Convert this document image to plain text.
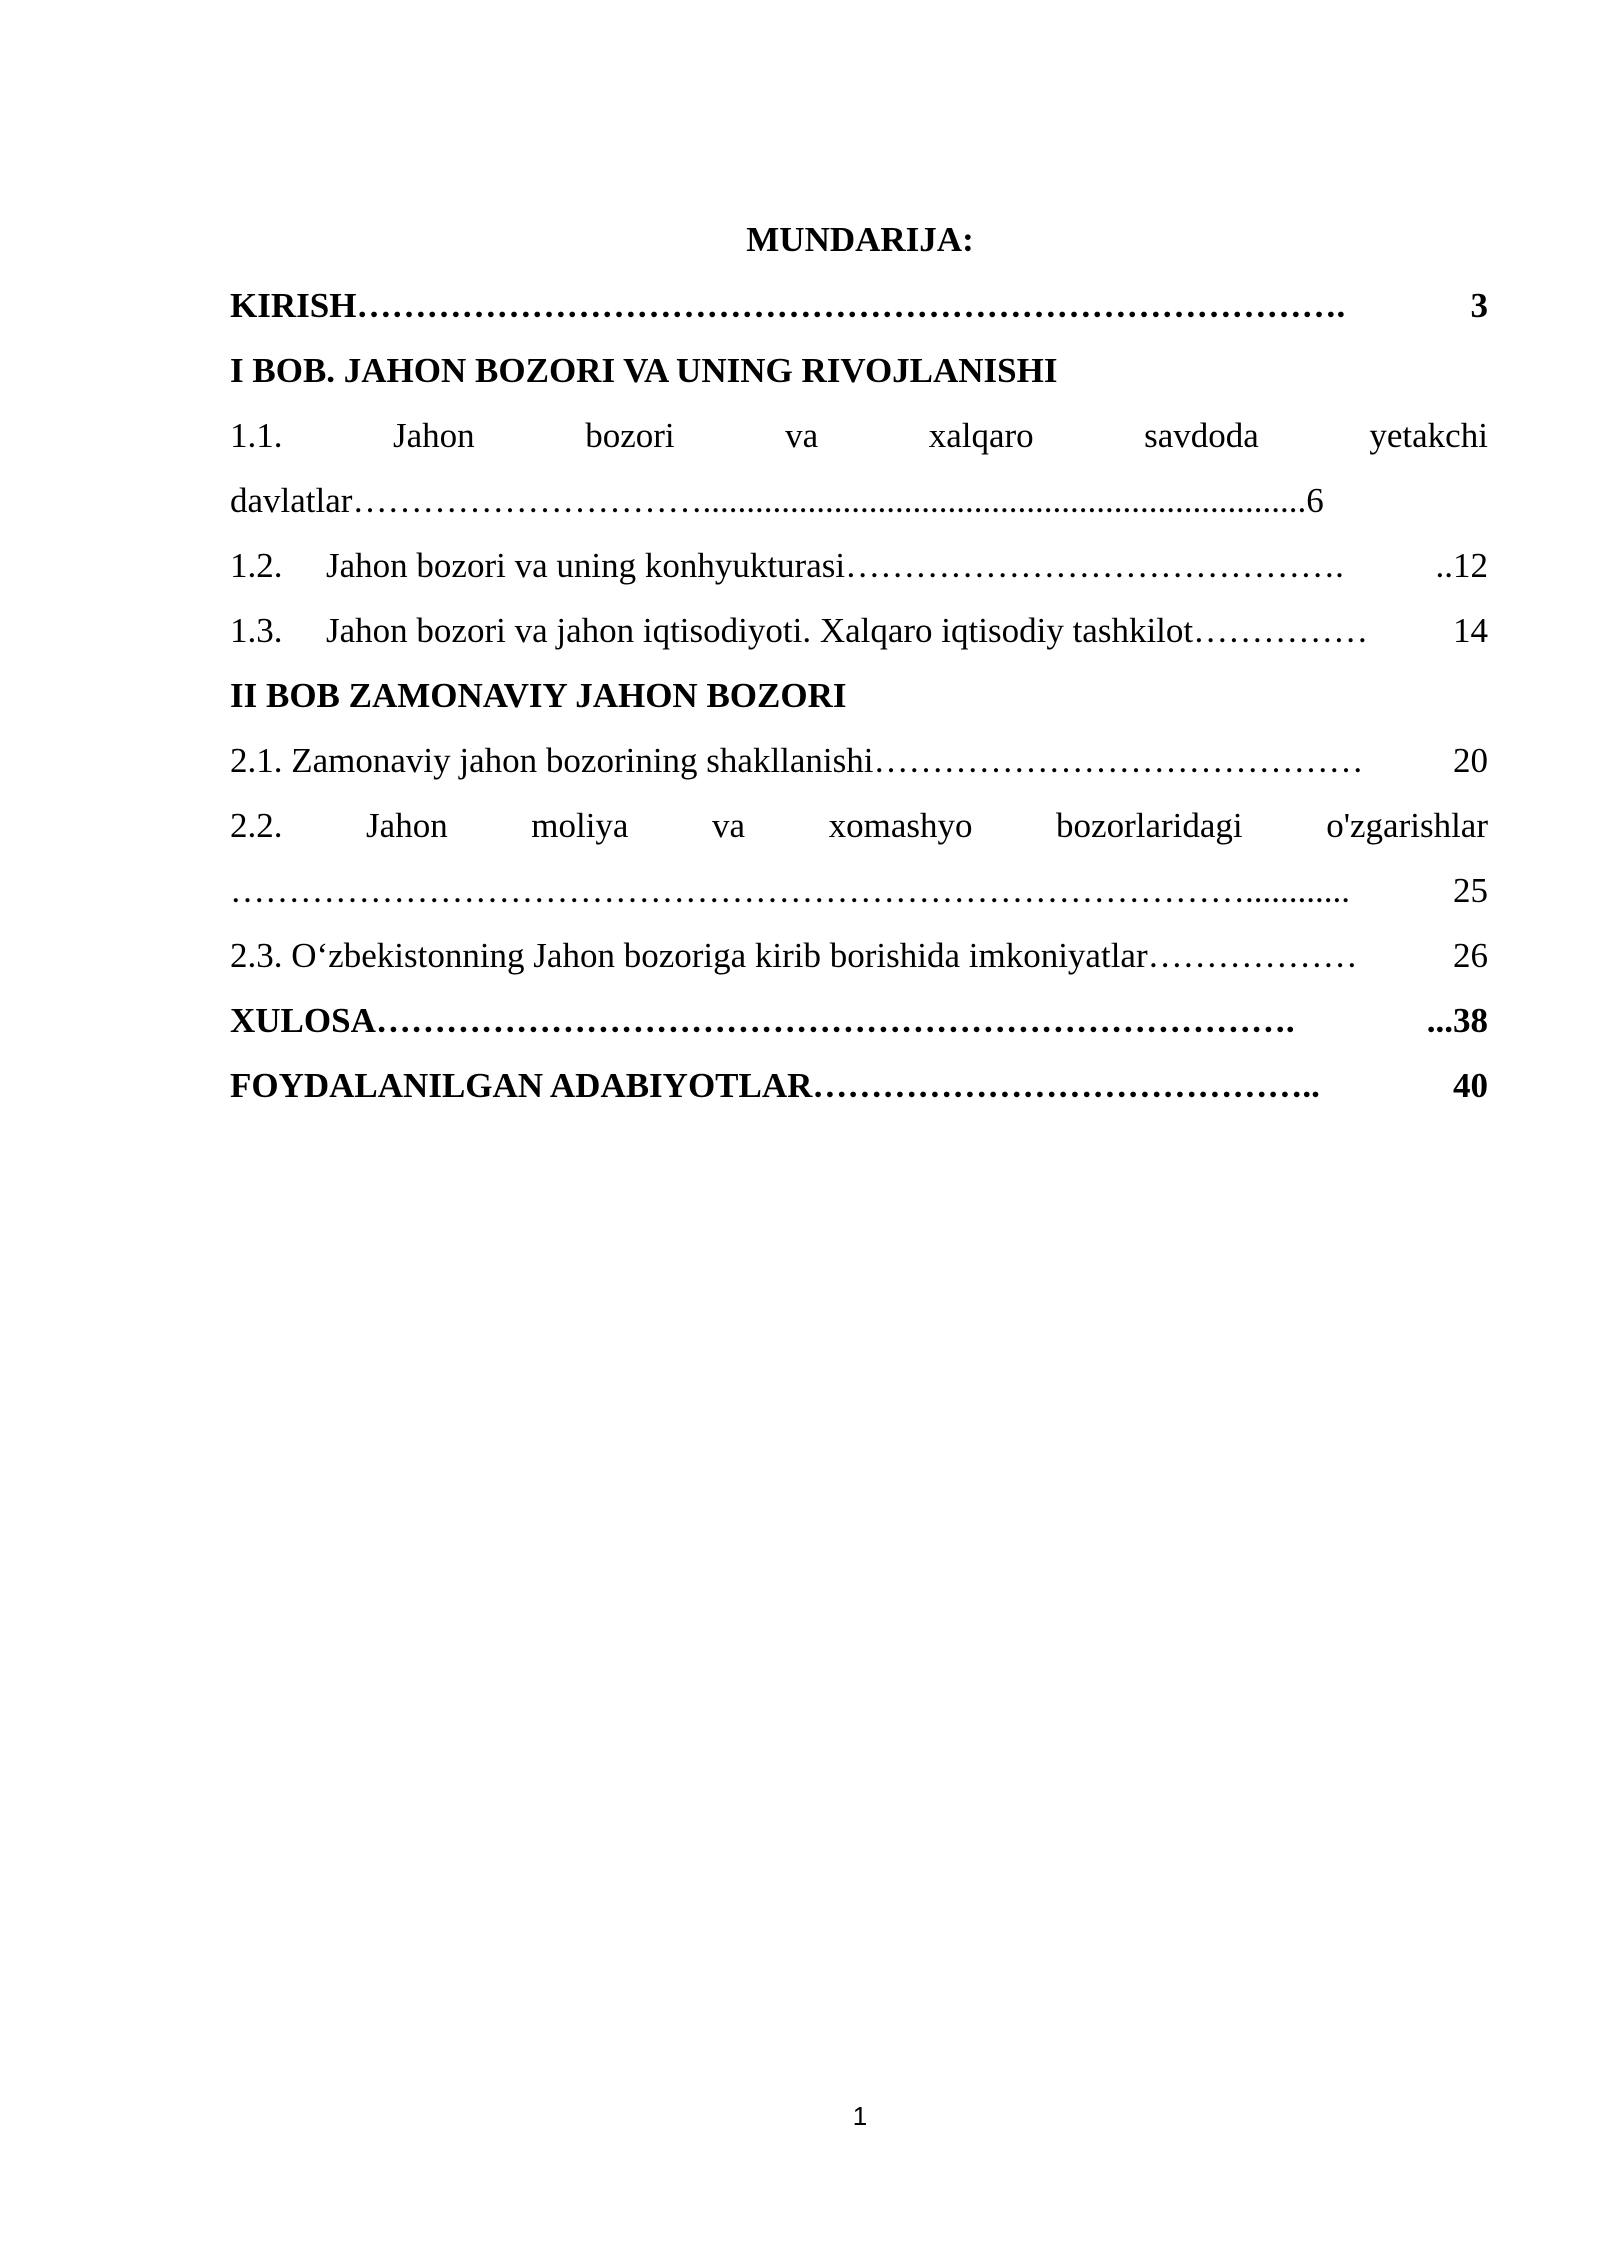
MUNDARIJA:
KIRISH ………………………………………………………………………….	3
I BOB. JAHON BOZORI VA UNING RIVOJLANISHI
1.1.	Jahon	bozori	va	xalqaro	savdoda	yetakchi
davlatlar………………………….....................................................................6
1.2. Jahon bozori va uning konhyukturasi …………………………………….	..12
1.3. Jahon bozori va jahon iqtisodiyoti. Xalqaro iqtisodiy tashkilot ……………	14
II BOB ZAMONAVIY JAHON BOZORI
2.1. Zamonaviy jahon bozorining shakllanishi ……………………………………	20
2.2. Jahon moliya va xomashyo bozorlaridagi o'zgarishlar
……………………………………………………………………………............	25
2.3. O‘zbekistonning Jahon bozoriga kirib borishida imkoniyatlar ………………	26
XULOSA …………………………………………………………………….	...38
FOYDALANILGAN ADABIYOTLAR ……………………………………..	40
1
